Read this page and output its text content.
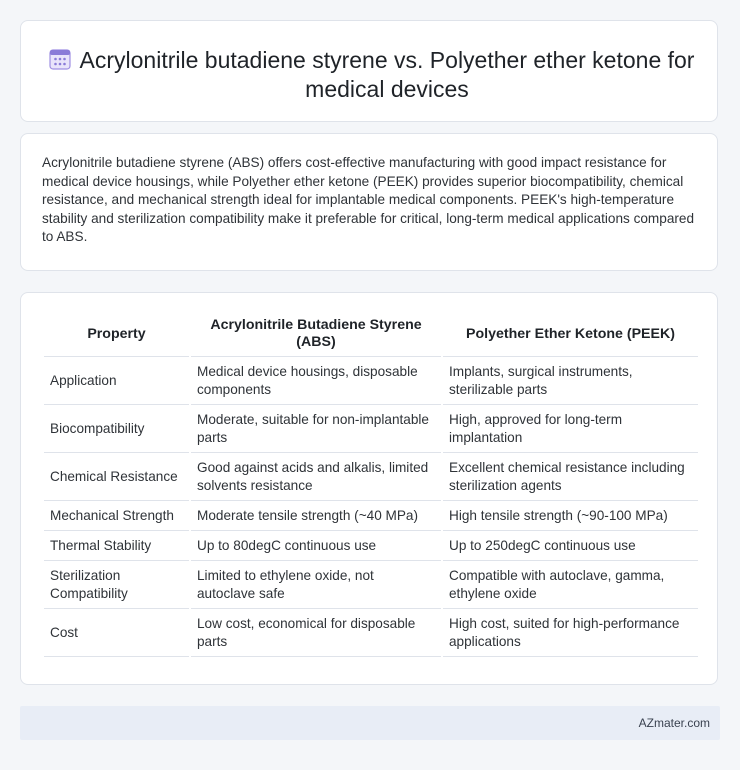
Acrylonitrile butadiene styrene vs. Polyether ether ketone for medical devices

Acrylonitrile butadiene styrene (ABS) offers cost-effective manufacturing with good impact resistance for medical device housings, while Polyether ether ketone (PEEK) provides superior biocompatibility, chemical resistance, and mechanical strength ideal for implantable medical components. PEEK's high-temperature stability and sterilization compatibility make it preferable for critical, long-term medical applications compared to ABS.

Property	Acrylonitrile Butadiene Styrene (ABS)	Polyether Ether Ketone (PEEK)
Application	Medical device housings, disposable components	Implants, surgical instruments, sterilizable parts
Biocompatibility	Moderate, suitable for non-implantable parts	High, approved for long-term implantation
Chemical Resistance	Good against acids and alkalis, limited solvents resistance	Excellent chemical resistance including sterilization agents
Mechanical Strength	Moderate tensile strength (~40 MPa)	High tensile strength (~90-100 MPa)
Thermal Stability	Up to 80degC continuous use	Up to 250degC continuous use
Sterilization Compatibility	Limited to ethylene oxide, not autoclave safe	Compatible with autoclave, gamma, ethylene oxide
Cost	Low cost, economical for disposable parts	High cost, suited for high-performance applications
AZmater.com
